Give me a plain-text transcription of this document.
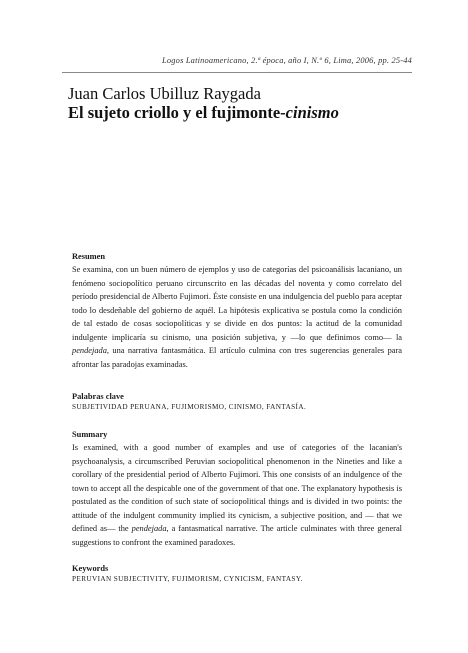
Logos Latinoamericano, 2.ª época, año I, N.º 6, Lima, 2006, pp. 25-44
Juan Carlos Ubilluz Raygada
El sujeto criollo y el fujimonte-cinismo

Resumen

Se examina, con un buen número de ejemplos y uso de categorías del psicoanálisis lacaniano, un fenómeno sociopolítico peruano circunscrito en las décadas del noventa y como correlato del período presidencial de Alberto Fujimori. Éste consiste en una indulgencia del pueblo para aceptar todo lo desdeñable del gobierno de aquél. La hipótesis explicativa se postula como la condición de tal estado de cosas sociopolíticas y se divide en dos puntos: la actitud de la comunidad indulgente implicaría su cinismo, una posición subjetiva, y —lo que definimos como— la pendejada, una narrativa fantasmática. El artículo culmina con tres sugerencias generales para afrontar las paradojas examinadas.

Palabras clave

SUBJETIVIDAD PERUANA, FUJIMORISMO, CINISMO, FANTASÍA.

Summary

Is examined, with a good number of examples and use of categories of the lacanian's psychoanalysis, a circumscribed Peruvian sociopolitical phenomenon in the Nineties and like a corollary of the presidential period of Alberto Fujimori. This one consists of an indulgence of the town to accept all the despicable one of the government of that one. The explanatory hypothesis is postulated as the condition of such state of sociopolitical things and is divided in two points: the attitude of the indulgent community implied its cynicism, a subjective position, and — that we defined as— the pendejada, a fantasmatical narrative. The article culminates with three general suggestions to confront the examined paradoxes.

Keywords

PERUVIAN SUBJECTIVITY, FUJIMORISM, CYNICISM, FANTASY.
